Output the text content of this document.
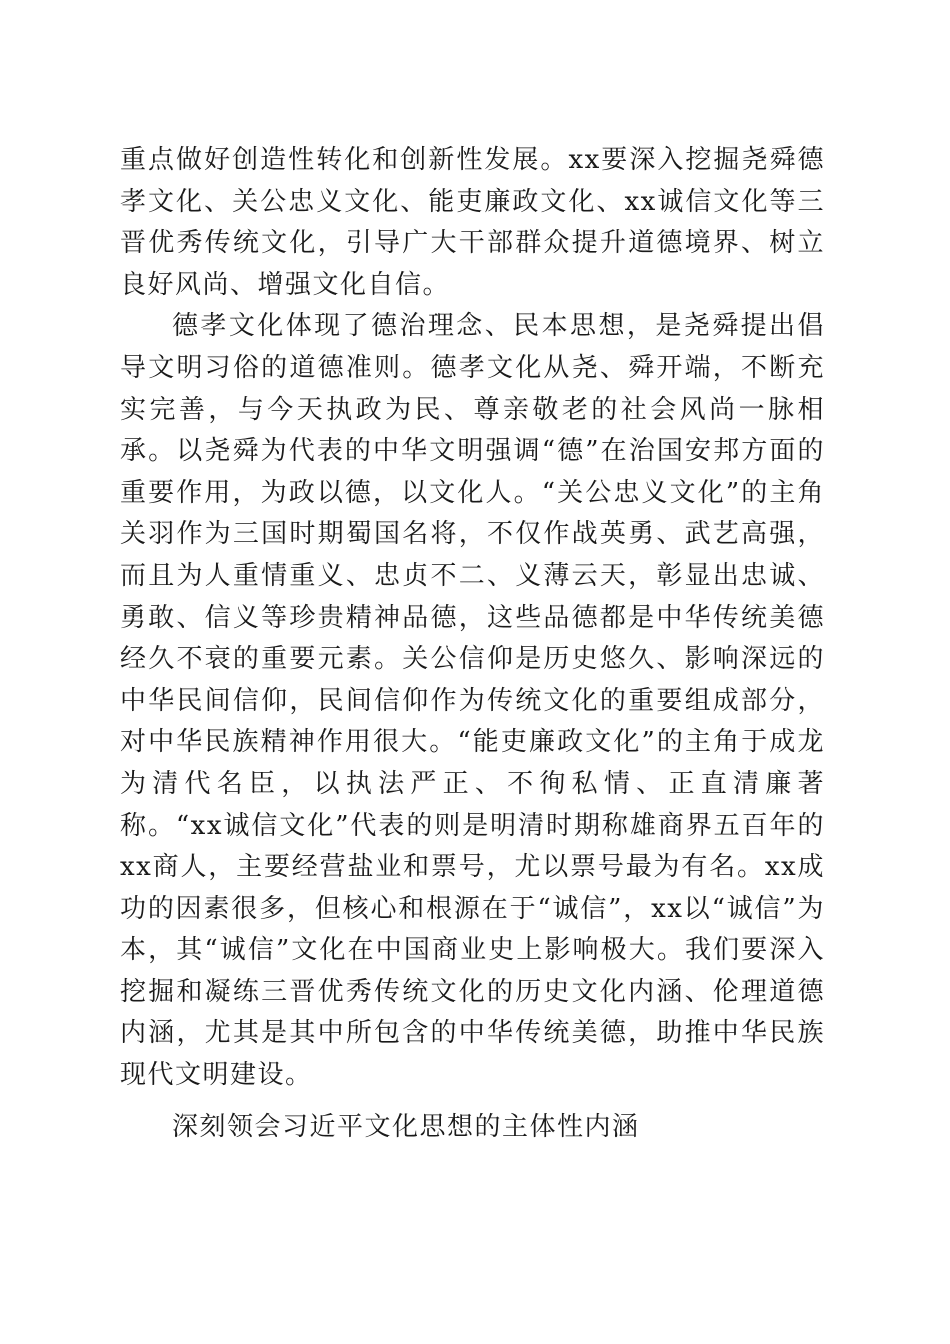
重点做好创造性转化和创新性发展。xx要深入挖掘尧舜德孝文化、关公忠义文化、能吏廉政文化、xx诚信文化等三晋优秀传统文化，引导广大干部群众提升道德境界、树立良好风尚、增强文化自信。

德孝文化体现了德治理念、民本思想，是尧舜提出倡导文明习俗的道德准则。德孝文化从尧、舜开端，不断充实完善，与今天执政为民、尊亲敬老的社会风尚一脉相承。以尧舜为代表的中华文明强调“德”在治国安邦方面的重要作用，为政以德，以文化人。“关公忠义文化”的主角关羽作为三国时期蜀国名将，不仅作战英勇、武艺高强，而且为人重情重义、忠贞不二、义薄云天，彰显出忠诚、勇敢、信义等珍贵精神品德，这些品德都是中华传统美德经久不衰的重要元素。关公信仰是历史悠久、影响深远的中华民间信仰，民间信仰作为传统文化的重要组成部分，对中华民族精神作用很大。“能吏廉政文化”的主角于成龙为清代名臣，以执法严正、不徇私情、正直清廉著称。“xx诚信文化”代表的则是明清时期称雄商界五百年的xx商人，主要经营盐业和票号，尤以票号最为有名。xx成功的因素很多，但核心和根源在于“诚信”，xx以“诚信”为本，其“诚信”文化在中国商业史上影响极大。我们要深入挖掘和凝练三晋优秀传统文化的历史文化内涵、伦理道德内涵，尤其是其中所包含的中华传统美德，助推中华民族现代文明建设。

深刻领会习近平文化思想的主体性内涵
